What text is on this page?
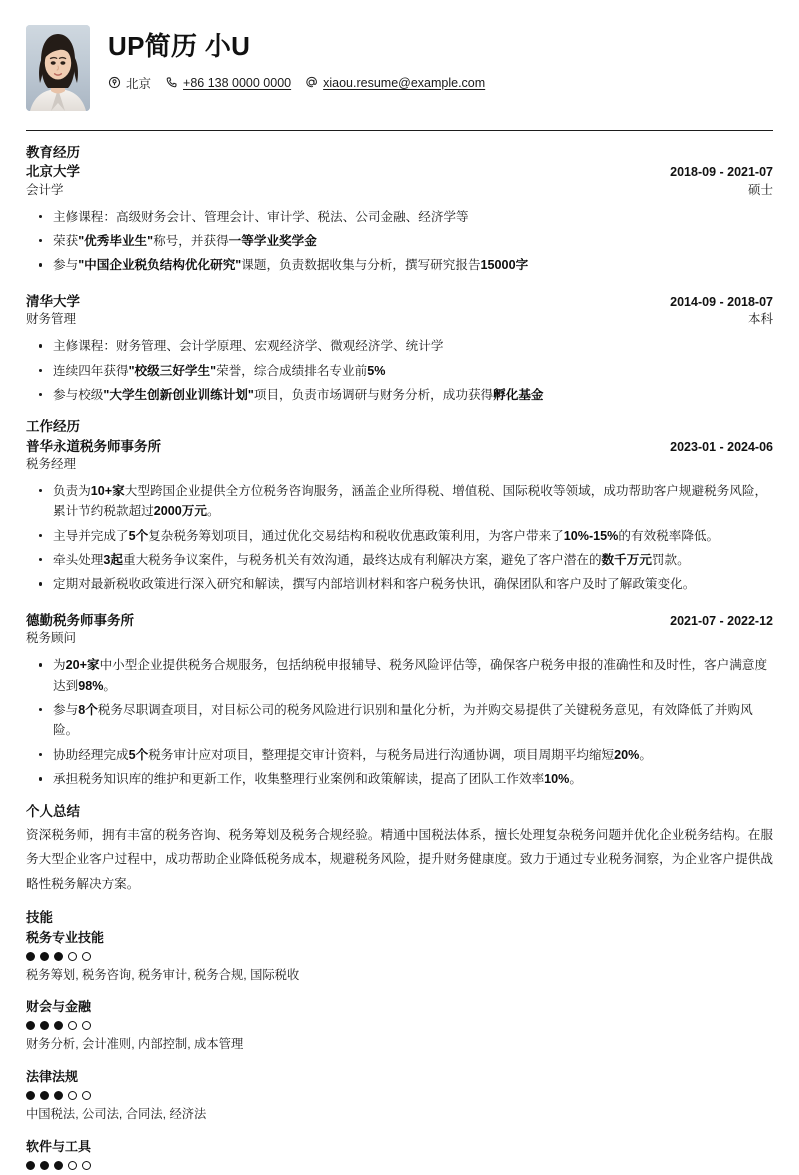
UP简历 小U
北京	+86 138 0000 0000	xiaou.resume@example.com
教育经历
北京大学	2018-09 - 2021-07
会计学	硕士
主修课程：高级财务会计、管理会计、审计学、税法、公司金融、经济学等
荣获"优秀毕业生"称号，并获得一等学业奖学金
参与"中国企业税负结构优化研究"课题，负责数据收集与分析，撰写研究报告15000字
清华大学	2014-09 - 2018-07
财务管理	本科
主修课程：财务管理、会计学原理、宏观经济学、微观经济学、统计学
连续四年获得"校级三好学生"荣誉，综合成绩排名专业前5%
参与校级"大学生创新创业训练计划"项目，负责市场调研与财务分析，成功获得孵化基金
工作经历
普华永道税务师事务所	2023-01 - 2024-06
税务经理
负责为10+家大型跨国企业提供全方位税务咨询服务，涵盖企业所得税、增值税、国际税收等领域，成功帮助客户规避税务风险，累计节约税款超过2000万元。
主导并完成了5个复杂税务筹划项目，通过优化交易结构和税收优惠政策利用，为客户带来了10%-15%的有效税率降低。
牵头处理3起重大税务争议案件，与税务机关有效沟通，最终达成有利解决方案，避免了客户潜在的数千万元罚款。
定期对最新税收政策进行深入研究和解读，撰写内部培训材料和客户税务快讯，确保团队和客户及时了解政策变化。
德勤税务师事务所	2021-07 - 2022-12
税务顾问
为20+家中小型企业提供税务合规服务，包括纳税申报辅导、税务风险评估等，确保客户税务申报的准确性和及时性，客户满意度达到98%。
参与8个税务尽职调查项目，对目标公司的税务风险进行识别和量化分析，为并购交易提供了关键税务意见，有效降低了并购风险。
协助经理完成5个税务审计应对项目，整理提交审计资料，与税务局进行沟通协调，项目周期平均缩短20%。
承担税务知识库的维护和更新工作，收集整理行业案例和政策解读，提高了团队工作效率10%。
个人总结
资深税务师，拥有丰富的税务咨询、税务筹划及税务合规经验。精通中国税法体系，擅长处理复杂税务问题并优化企业税务结构。在服务大型企业客户过程中，成功帮助企业降低税务成本，规避税务风险，提升财务健康度。致力于通过专业税务洞察，为企业客户提供战略性税务解决方案。
技能
税务专业技能
税务筹划, 税务咨询, 税务审计, 税务合规, 国际税收
财会与金融
财务分析, 会计准则, 内部控制, 成本管理
法律法规
中国税法, 公司法, 合同法, 经济法
软件与工具
